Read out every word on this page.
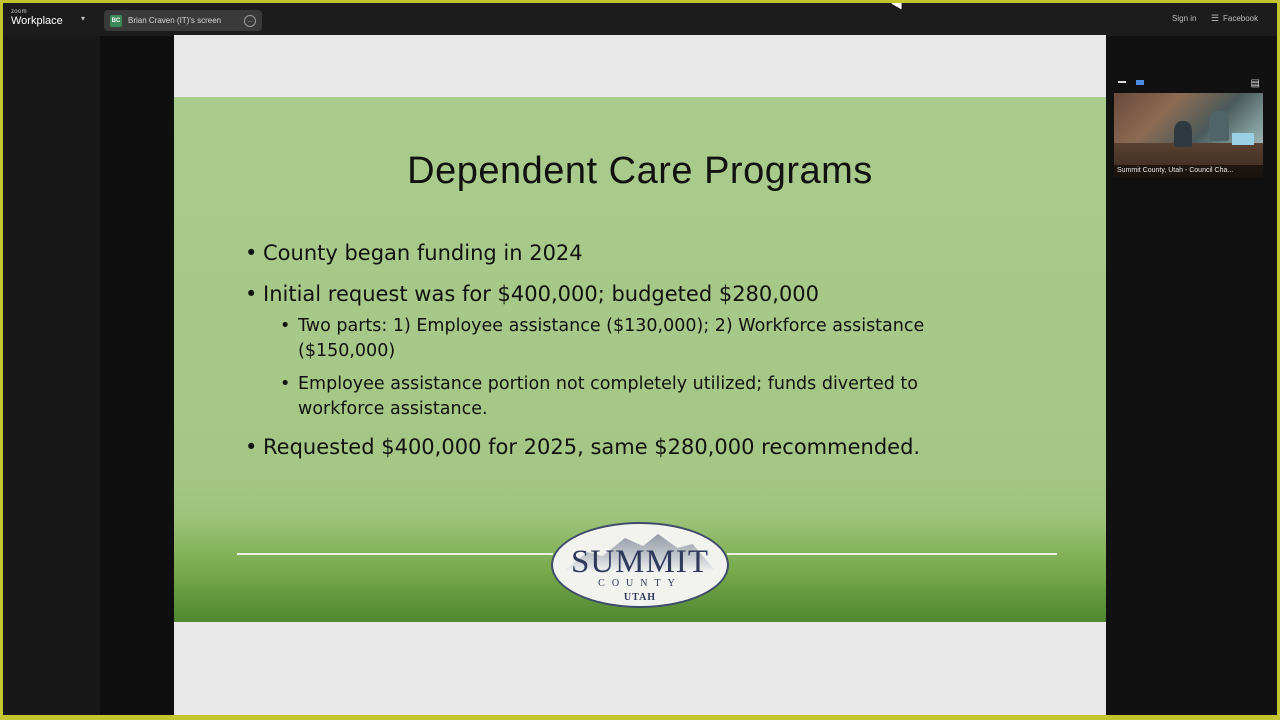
zoom
Workplace ▾	BC Brian Craven (IT)'s screen	...	Sign in ☰ Facebook
Dependent Care Programs
• County began funding in 2024
• Initial request was for $400,000; budgeted $280,000
• Two parts: 1) Employee assistance ($130,000); 2) Workforce assistance ($150,000)
• Employee assistance portion not completely utilized; funds diverted to workforce assistance.
• Requested $400,000 for 2025, same $280,000 recommended.
SUMMIT
COUNTY
UTAH
▤
Summit County, Utah - Council Cha...
